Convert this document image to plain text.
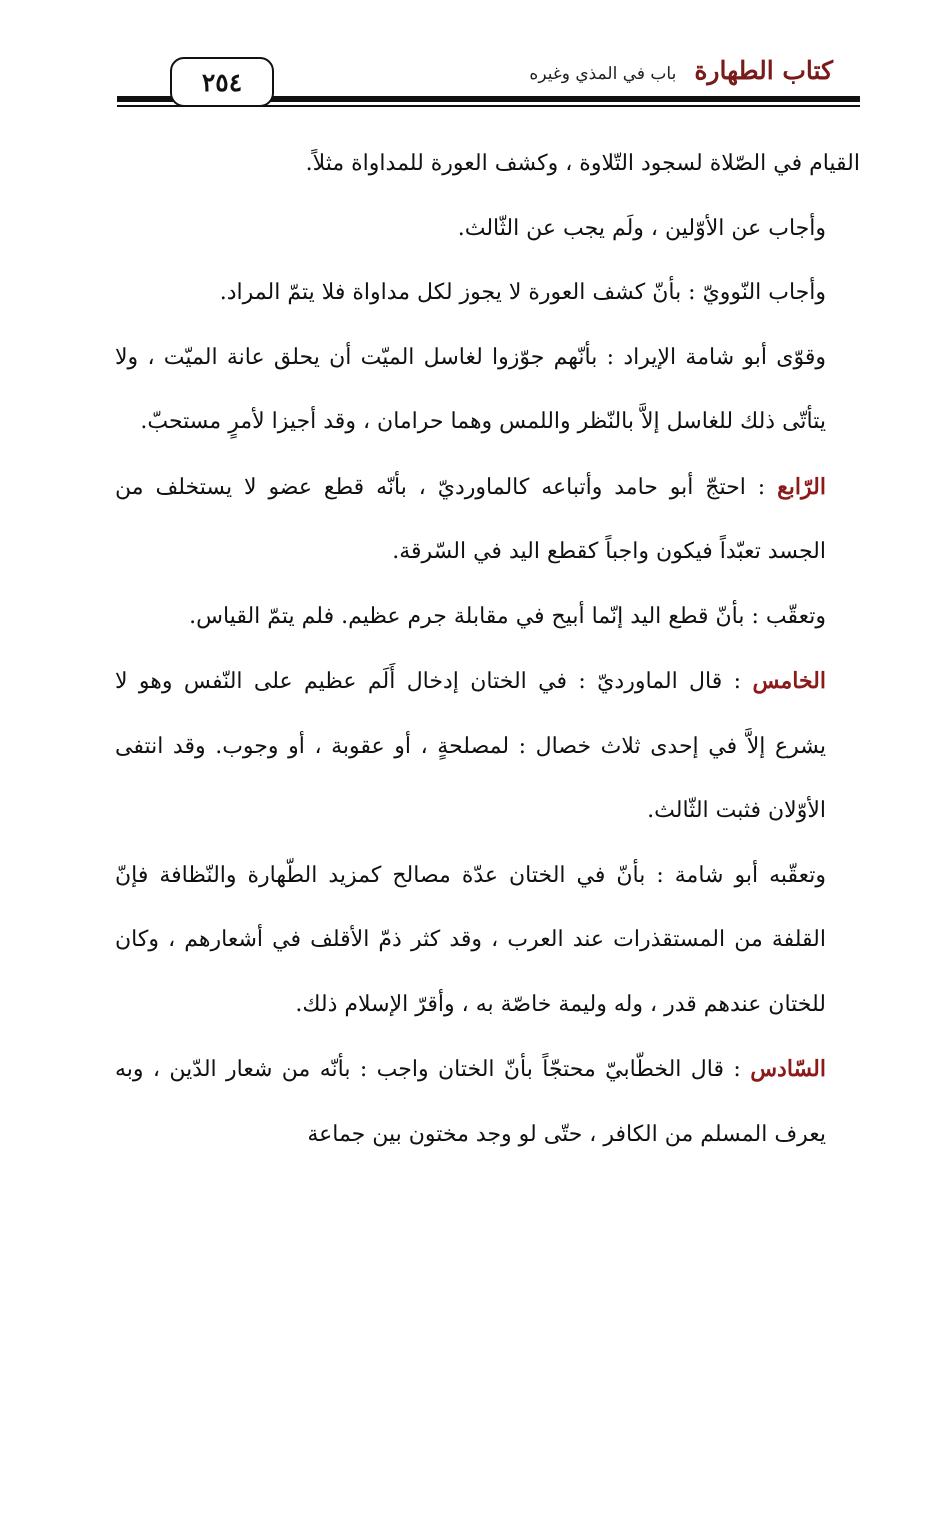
٢٥٤	كتاب الطهارة
باب في المذي وغيره

القيام في الصّلاة لسجود التّلاوة ، وكشف العورة للمداواة مثلاً.

وأجاب عن الأوّلين ، ولَم يجب عن الثّالث.

وأجاب النّوويّ : بأنّ كشف العورة لا يجوز لكل مداواة فلا يتمّ المراد.

وقوّى أبو شامة الإيراد : بأنّهم جوّزوا لغاسل الميّت أن يحلق عانة الميّت ، ولا يتأتّى ذلك للغاسل إلاَّ بالنّظر واللمس وهما حرامان ، وقد أجيزا لأمرٍ مستحبّ.

الرّابع : احتجّ أبو حامد وأتباعه كالماورديّ ، بأنّه قطع عضو لا يستخلف من الجسد تعبّداً فيكون واجباً كقطع اليد في السّرقة.

وتعقّب : بأنّ قطع اليد إنّما أبيح في مقابلة جرم عظيم. فلم يتمّ القياس.

الخامس : قال الماورديّ : في الختان إدخال أَلَم عظيم على النّفس وهو لا يشرع إلاَّ في إحدى ثلاث خصال : لمصلحةٍ ، أو عقوبة ، أو وجوب. وقد انتفى الأوّلان فثبت الثّالث.

وتعقّبه أبو شامة : بأنّ في الختان عدّة مصالح كمزيد الطّهارة والنّظافة فإنّ القلفة من المستقذرات عند العرب ، وقد كثر ذمّ الأقلف في أشعارهم ، وكان للختان عندهم قدر ، وله وليمة خاصّة به ، وأقرّ الإسلام ذلك.

السّادس : قال الخطّابيّ محتجّاً بأنّ الختان واجب : بأنّه من شعار الدّين ، وبه يعرف المسلم من الكافر ، حتّى لو وجد مختون بين جماعة
